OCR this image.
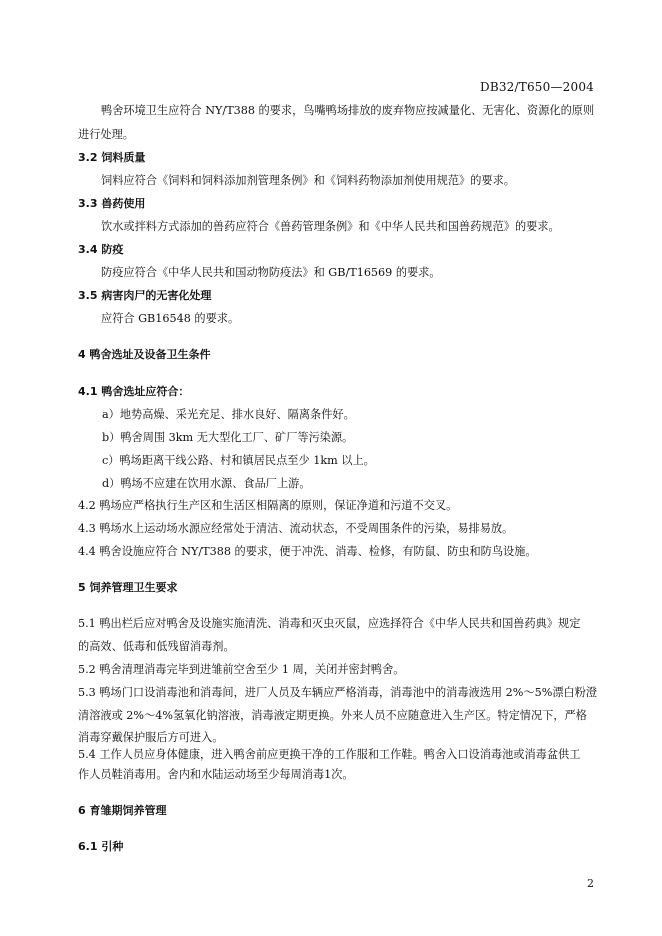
DB32/T650—2004
鸭舍环境卫生应符合 NY/T388 的要求，鸟嘴鸭场排放的废弃物应按减量化、无害化、资源化的原则
进行处理。
3.2 饲料质量
饲料应符合《饲料和饲料添加剂管理条例》和《饲料药物添加剂使用规范》的要求。
3.3 兽药使用
饮水或拌料方式添加的兽药应符合《兽药管理条例》和《中华人民共和国兽药规范》的要求。
3.4 防疫
防疫应符合《中华人民共和国动物防疫法》和 GB/T16569 的要求。
3.5 病害肉尸的无害化处理
应符合 GB16548 的要求。
4 鸭舍选址及设备卫生条件
4.1 鸭舍选址应符合：
a）地势高燥、采光充足、排水良好、隔离条件好。
b）鸭舍周围 3km 无大型化工厂、矿厂等污染源。
c）鸭场距离干线公路、村和镇居民点至少 1km 以上。
d）鸭场不应建在饮用水源、食品厂上游。
4.2 鸭场应严格执行生产区和生活区相隔离的原则，保证净道和污道不交叉。
4.3 鸭场水上运动场水源应经常处于清洁、流动状态，不受周围条件的污染，易排易放。
4.4 鸭舍设施应符合 NY/T388 的要求，便于冲洗、消毒、检修，有防鼠、防虫和防鸟设施。
5 饲养管理卫生要求
5.1 鸭出栏后应对鸭舍及设施实施清洗、消毒和灭虫灭鼠，应选择符合《中华人民共和国兽药典》规定
的高效、低毒和低残留消毒剂。
5.2 鸭舍清理消毒完毕到进雏前空舍至少 1 周，关闭并密封鸭舍。
5.3 鸭场门口设消毒池和消毒间，进厂人员及车辆应严格消毒，消毒池中的消毒液选用 2%～5%漂白粉澄
清溶液或 2%～4%氢氧化钠溶液，消毒液定期更换。外来人员不应随意进入生产区。特定情况下，严格
消毒穿戴保护服后方可进入。
5.4 工作人员应身体健康，进入鸭舍前应更换干净的工作服和工作鞋。鸭舍入口设消毒池或消毒盆供工
作人员鞋消毒用。舍内和水陆运动场至少每周消毒1次。
6 育雏期饲养管理
6.1 引种
2
